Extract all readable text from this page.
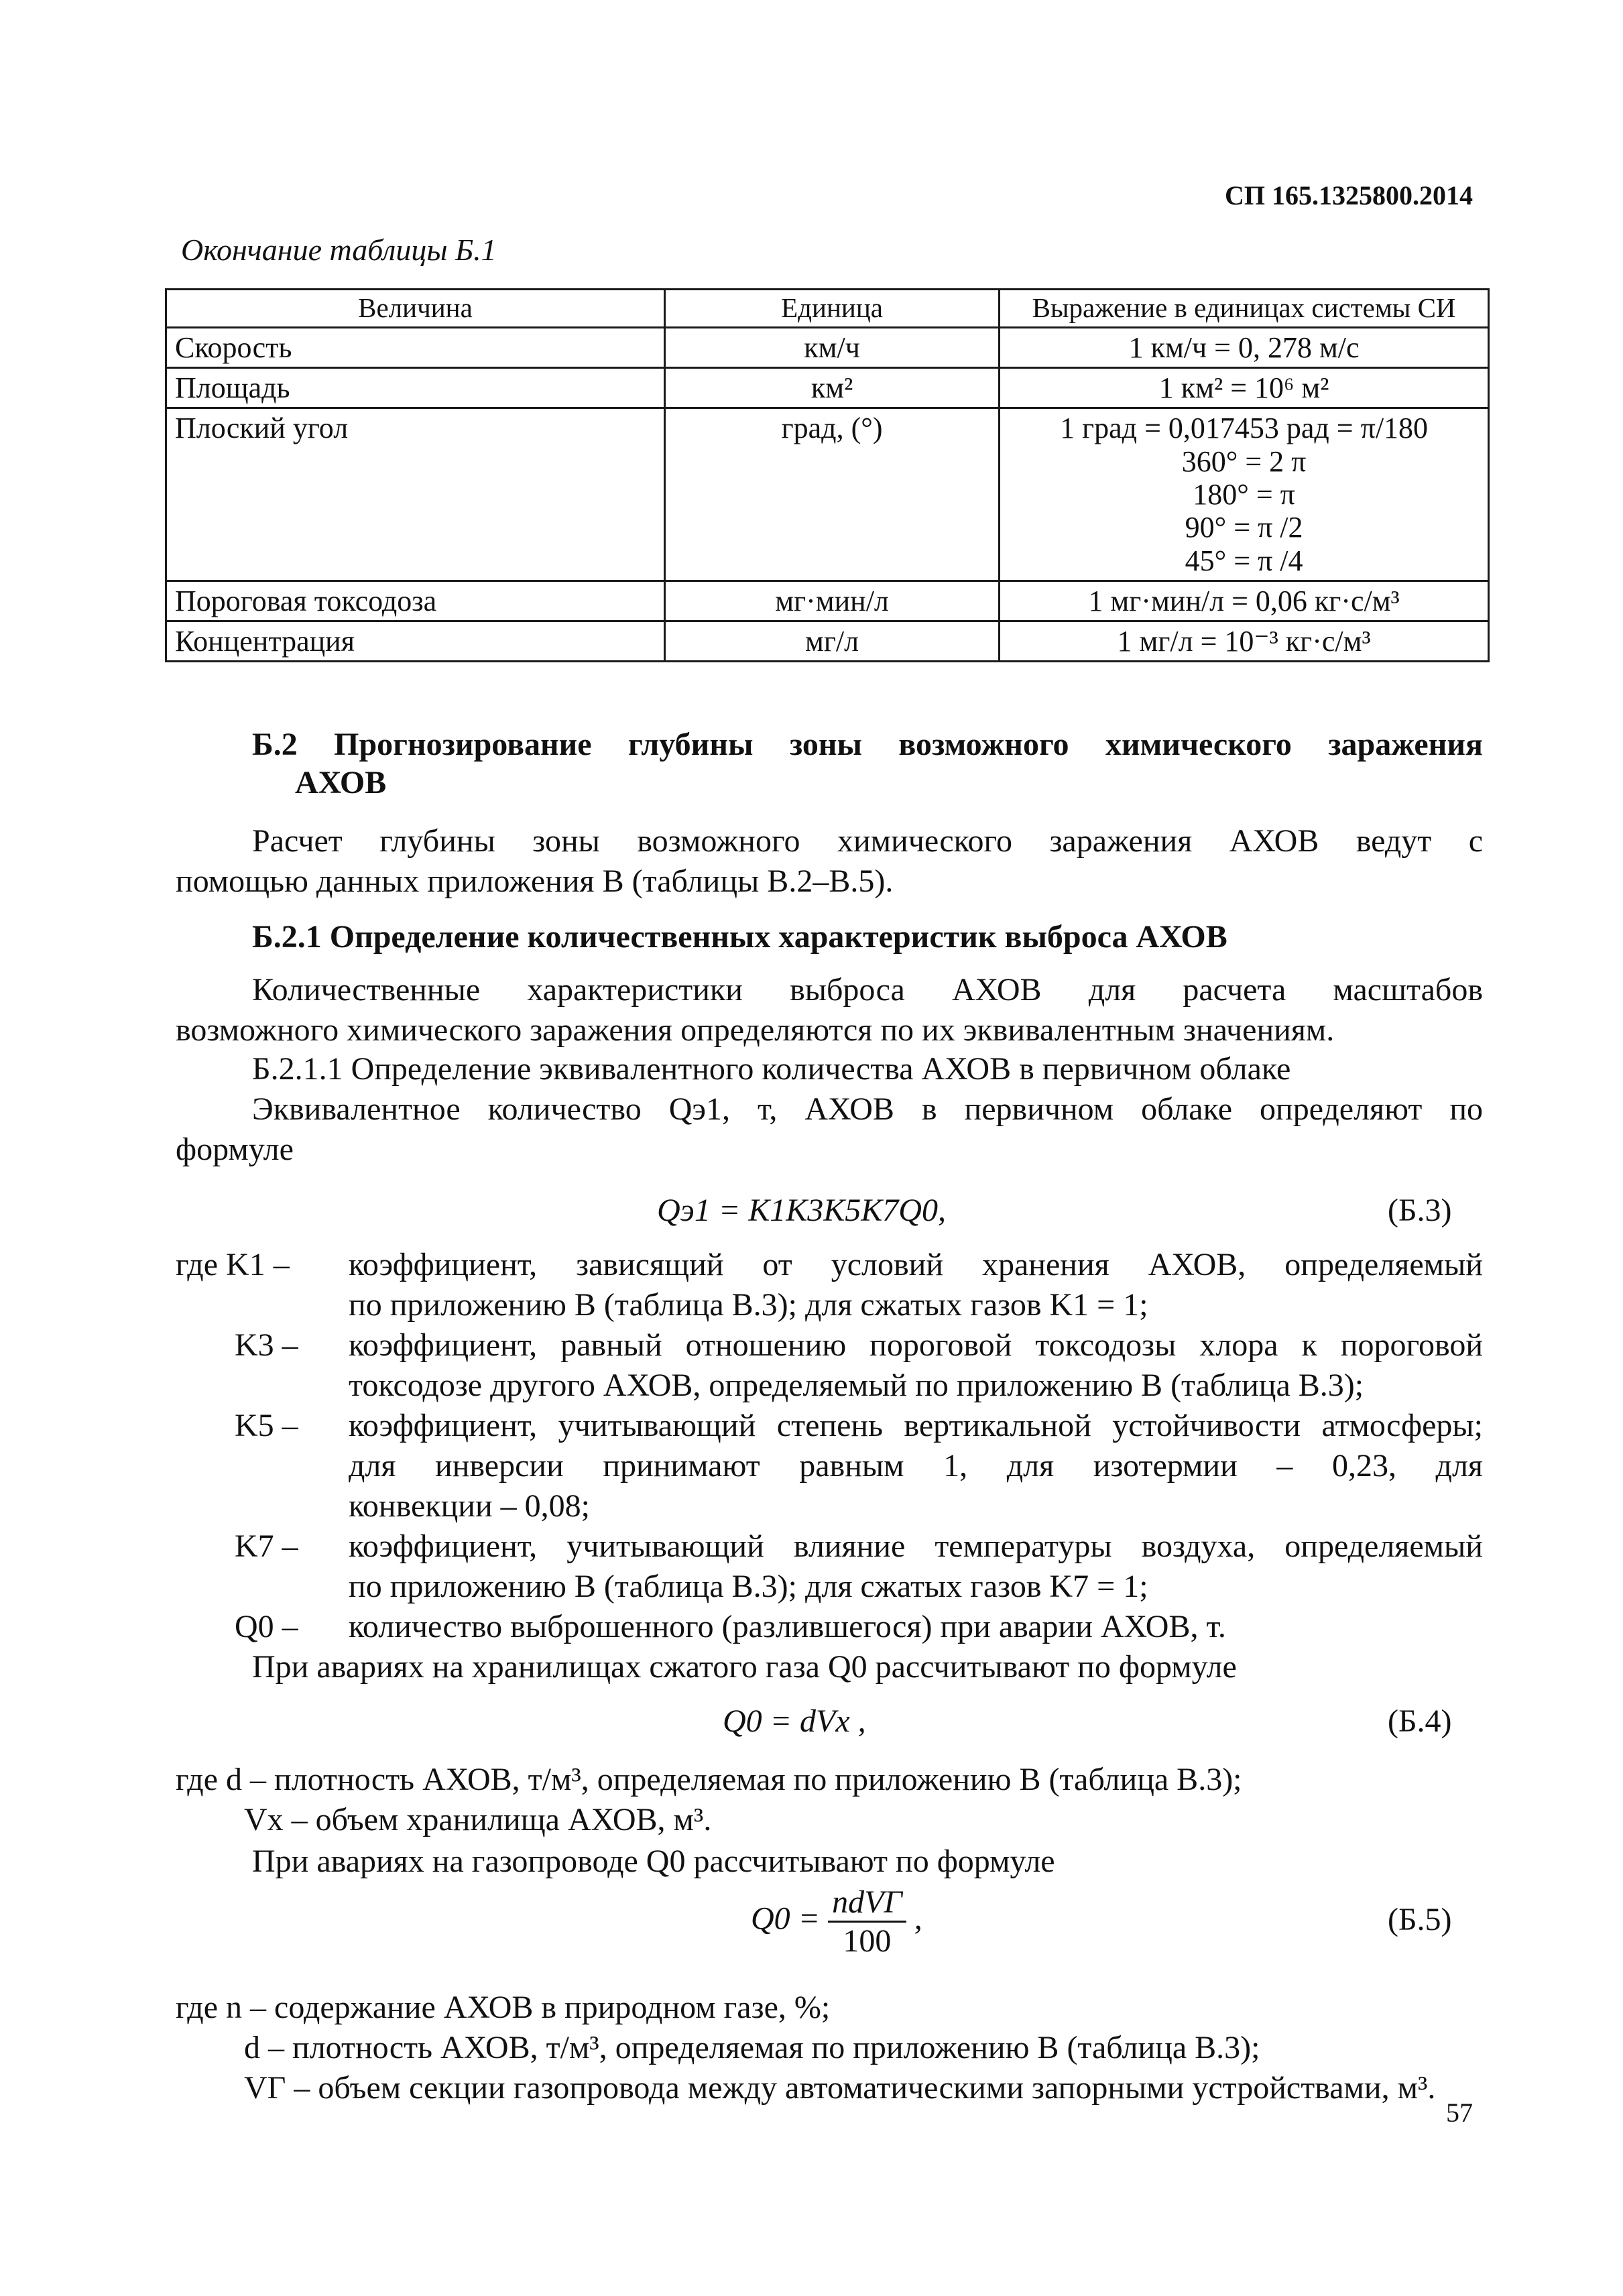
СП 165.1325800.2014
Окончание таблицы Б.1
Величина	Единица	Выражение в единицах системы СИ
Скорость	км/ч	1 км/ч = 0, 278 м/с
Площадь	км²	1 км² = 10⁶ м²
Плоский угол	град, (°)	1 град = 0,017453 рад = π/180
360° = 2 π
180° = π
90° = π /2
45° = π /4

Пороговая токсодоза	мг·мин/л	1 мг·мин/л = 0,06 кг·с/м³
Концентрация	мг/л	1 мг/л = 10⁻³ кг·с/м³
Б.2 Прогнозирование глубины зоны возможного химического заражения
АХОВ
Расчет глубины зоны возможного химического заражения АХОВ ведут с
помощью данных приложения В (таблицы В.2–В.5).
Б.2.1 Определение количественных характеристик выброса АХОВ
Количественные характеристики выброса АХОВ для расчета масштабов
возможного химического заражения определяются по их эквивалентным значениям.
Б.2.1.1 Определение эквивалентного количества АХОВ в первичном облаке
Эквивалентное количество Qэ1, т, АХОВ в первичном облаке определяют по
формуле
Qэ1 = K1K3K5K7Q0,	(Б.3)
где K1 – коэффициент, зависящий от условий хранения АХОВ, определяемый
по приложению В (таблица В.3); для сжатых газов K1 = 1;
K3 – коэффициент, равный отношению пороговой токсодозы хлора к пороговой
токсодозе другого АХОВ, определяемый по приложению В (таблица В.3);
K5 – коэффициент, учитывающий степень вертикальной устойчивости атмосферы;
для инверсии принимают равным 1, для изотермии – 0,23, для
конвекции – 0,08;
K7 – коэффициент, учитывающий влияние температуры воздуха, определяемый
по приложению В (таблица В.3); для сжатых газов K7 = 1;
Q0 – количество выброшенного (разлившегося) при аварии АХОВ, т.
При авариях на хранилищах сжатого газа Q0 рассчитывают по формуле
Q0 = dVх ,	(Б.4)
где d – плотность АХОВ, т/м³, определяемая по приложению В (таблица В.3);
Vх – объем хранилища АХОВ, м³.
При авариях на газопроводе Q0 рассчитывают по формуле
$Q0 = \frac{\text{ndVГ}}{100}$ ,	(Б.5)
где n – содержание АХОВ в природном газе, %;
d – плотность АХОВ, т/м³, определяемая по приложению В (таблица В.3);
VГ – объем секции газопровода между автоматическими запорными устройствами, м³.
57
